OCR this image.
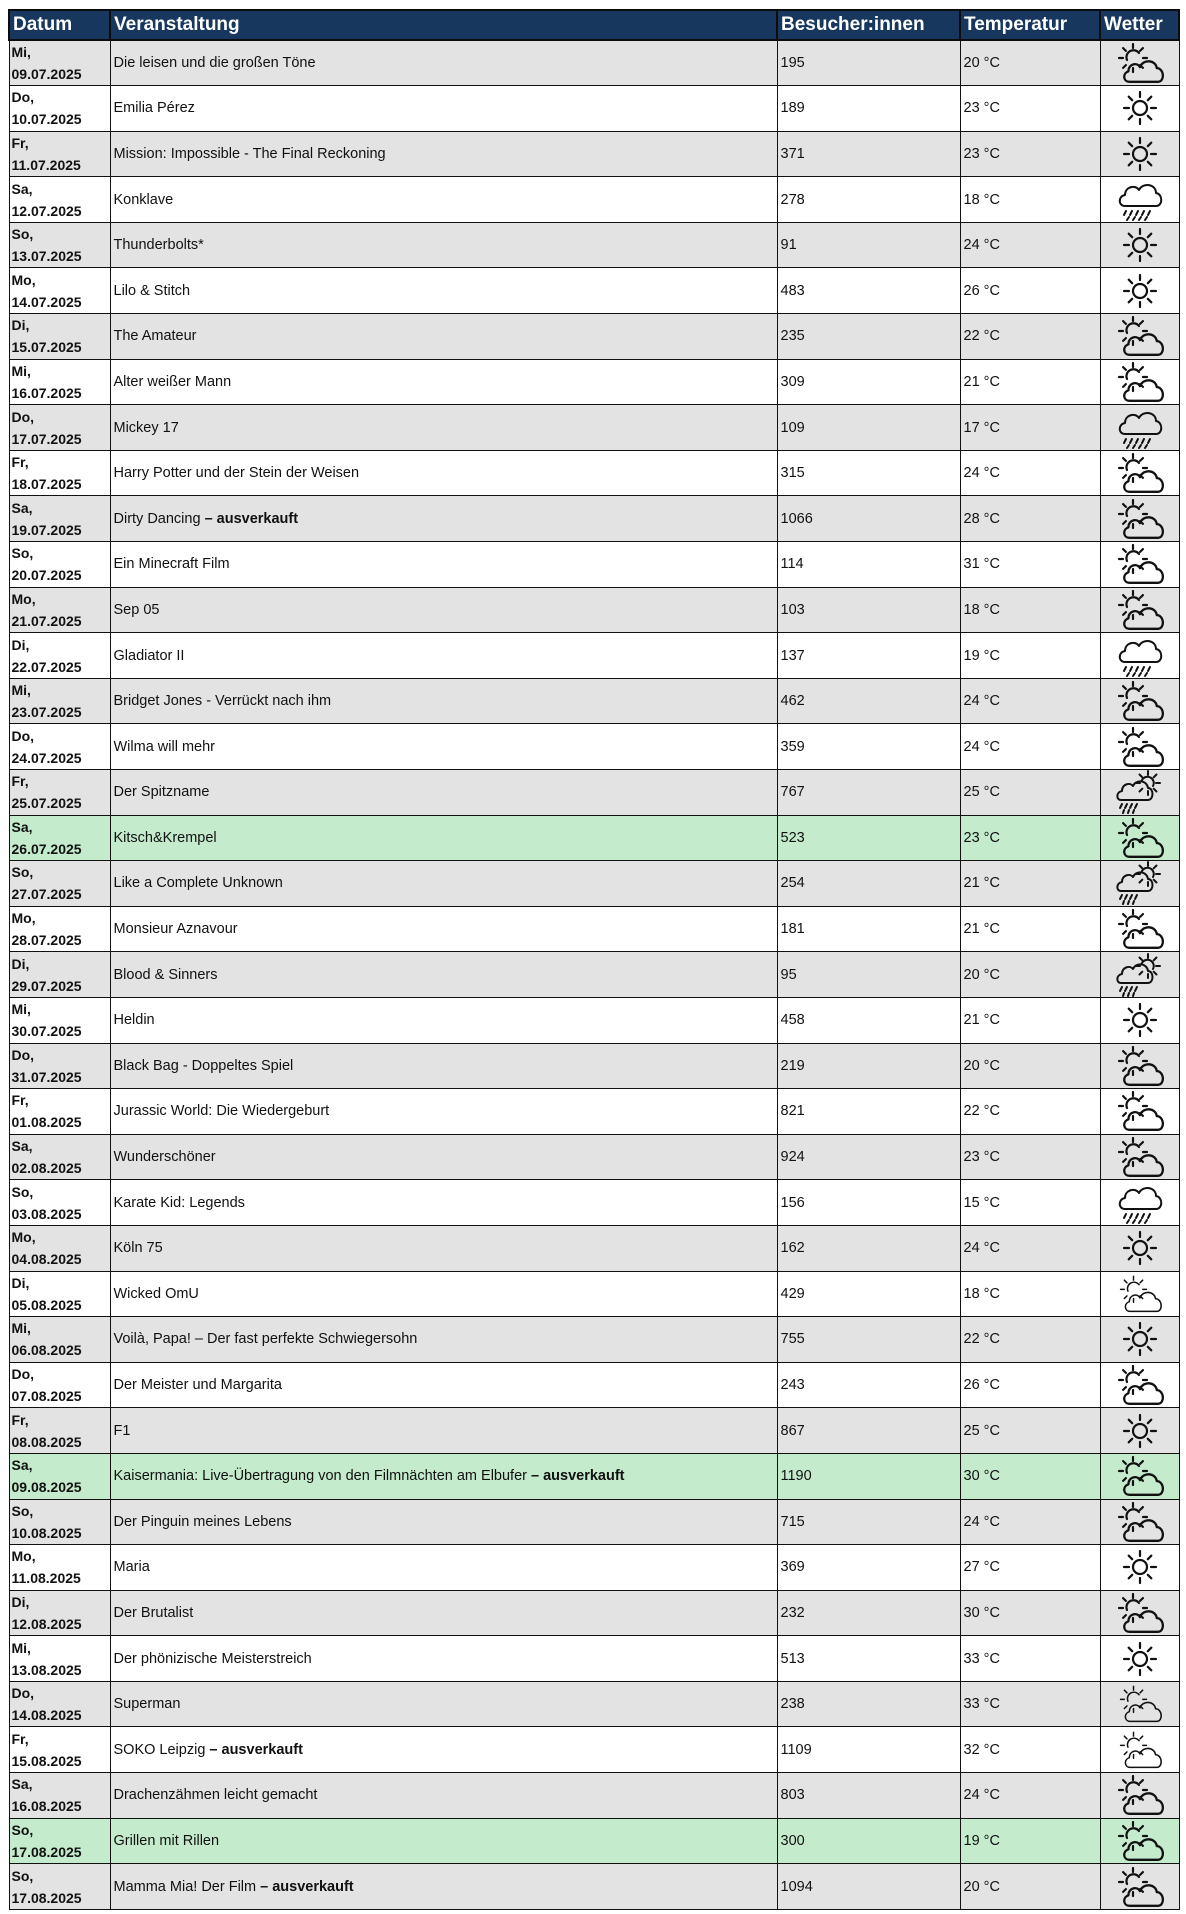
Datum	Veranstaltung	Besucher:innen	Temperatur	Wetter

Mi,
09.07.2025	Die leisen und die großen Töne	195	20 °C	

Do,
10.07.2025	Emilia Pérez	189	23 °C	

Fr,
11.07.2025	Mission: Impossible - The Final Reckoning	371	23 °C	

Sa,
12.07.2025	Konklave	278	18 °C	

So,
13.07.2025	Thunderbolts*	91	24 °C	

Mo,
14.07.2025	Lilo & Stitch	483	26 °C	

Di,
15.07.2025	The Amateur	235	22 °C	

Mi,
16.07.2025	Alter weißer Mann	309	21 °C	

Do,
17.07.2025	Mickey 17	109	17 °C	

Fr,
18.07.2025	Harry Potter und der Stein der Weisen	315	24 °C	

Sa,
19.07.2025	Dirty Dancing – ausverkauft	1066	28 °C	

So,
20.07.2025	Ein Minecraft Film	114	31 °C	

Mo,
21.07.2025	Sep 05	103	18 °C	

Di,
22.07.2025	Gladiator II	137	19 °C	

Mi,
23.07.2025	Bridget Jones - Verrückt nach ihm	462	24 °C	

Do,
24.07.2025	Wilma will mehr	359	24 °C	

Fr,
25.07.2025	Der Spitzname	767	25 °C	

Sa,
26.07.2025	Kitsch&Krempel	523	23 °C	

So,
27.07.2025	Like a Complete Unknown	254	21 °C	

Mo,
28.07.2025	Monsieur Aznavour	181	21 °C	

Di,
29.07.2025	Blood & Sinners	95	20 °C	

Mi,
30.07.2025	Heldin	458	21 °C	

Do,
31.07.2025	Black Bag - Doppeltes Spiel	219	20 °C	

Fr,
01.08.2025	Jurassic World: Die Wiedergeburt	821	22 °C	

Sa,
02.08.2025	Wunderschöner	924	23 °C	

So,
03.08.2025	Karate Kid: Legends	156	15 °C	

Mo,
04.08.2025	Köln 75	162	24 °C	

Di,
05.08.2025	Wicked OmU	429	18 °C	

Mi,
06.08.2025	Voilà, Papa! – Der fast perfekte Schwiegersohn	755	22 °C	

Do,
07.08.2025	Der Meister und Margarita	243	26 °C	

Fr,
08.08.2025	F1	867	25 °C	

Sa,
09.08.2025	Kaisermania: Live-Übertragung von den Filmnächten am Elbufer – ausverkauft	1190	30 °C	

So,
10.08.2025	Der Pinguin meines Lebens	715	24 °C	

Mo,
11.08.2025	Maria	369	27 °C	

Di,
12.08.2025	Der Brutalist	232	30 °C	

Mi,
13.08.2025	Der phönizische Meisterstreich	513	33 °C	

Do,
14.08.2025	Superman	238	33 °C	

Fr,
15.08.2025	SOKO Leipzig – ausverkauft	1109	32 °C	

Sa,
16.08.2025	Drachenzähmen leicht gemacht	803	24 °C	

So,
17.08.2025	Grillen mit Rillen	300	19 °C	

So,
17.08.2025	Mamma Mia! Der Film – ausverkauft	1094	20 °C	
